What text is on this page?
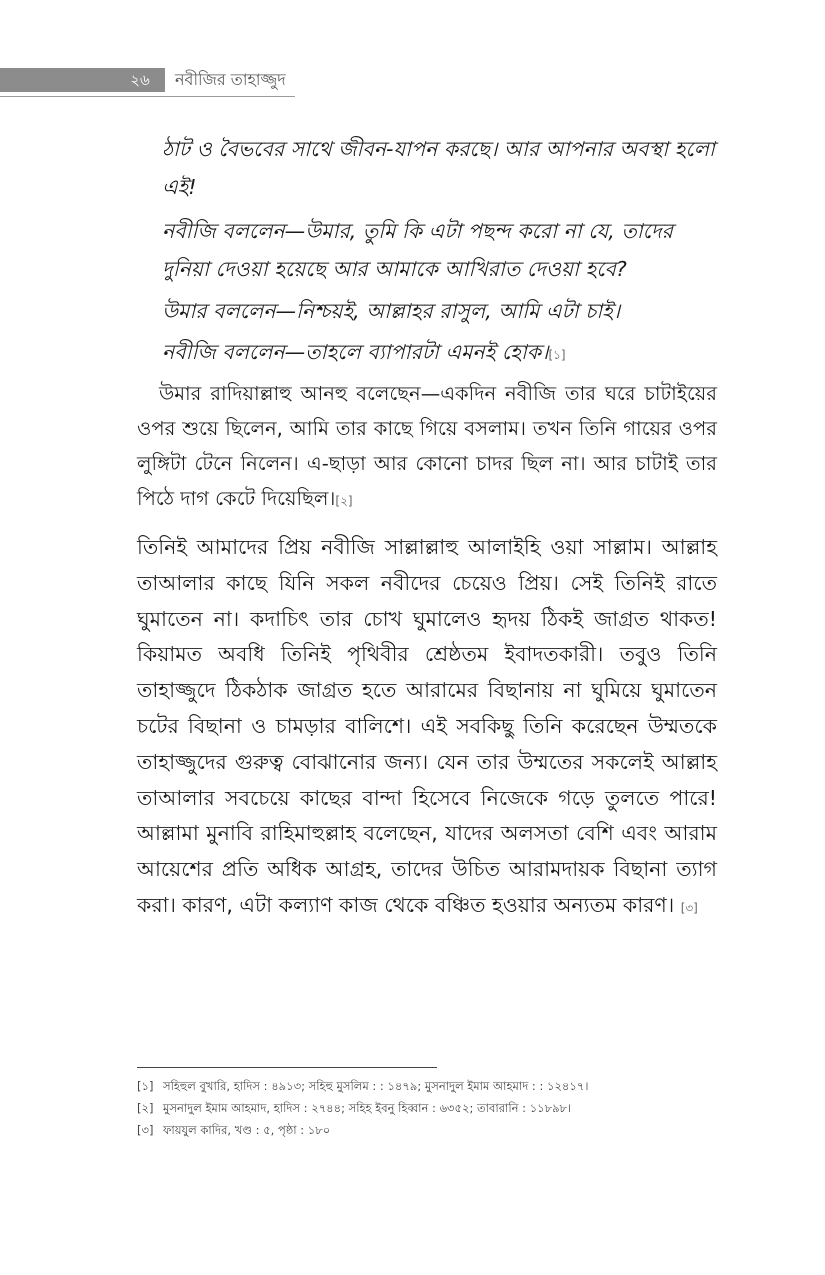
২৬	নবীজির তাহাজ্জুদ

ঠাট ও বৈভবের সাথে জীবন-যাপন করছে। আর আপনার অবস্থা হলো এই!

নবীজি বললেন—উমার, তুমি কি এটা পছন্দ করো না যে, তাদের দুনিয়া দেওয়া হয়েছে আর আমাকে আখিরাত দেওয়া হবে?

উমার বললেন—নিশ্চয়ই, আল্লাহর রাসুল, আমি এটা চাই।

নবীজি বললেন—তাহলে ব্যাপারটা এমনই হোক।[১]

উমার রাদিয়াল্লাহু আনহু বলেছেন—একদিন নবীজি তার ঘরে চাটাইয়ের ওপর শুয়ে ছিলেন, আমি তার কাছে গিয়ে বসলাম। তখন তিনি গায়ের ওপর লুঙ্গিটা টেনে নিলেন। এ-ছাড়া আর কোনো চাদর ছিল না। আর চাটাই তার পিঠে দাগ কেটে দিয়েছিল।[২]

তিনিই আমাদের প্রিয় নবীজি সাল্লাল্লাহু আলাইহি ওয়া সাল্লাম। আল্লাহ তাআলার কাছে যিনি সকল নবীদের চেয়েও প্রিয়। সেই তিনিই রাতে ঘুমাতেন না। কদাচিৎ তার চোখ ঘুমালেও হৃদয় ঠিকই জাগ্রত থাকত! কিয়ামত অবধি তিনিই পৃথিবীর শ্রেষ্ঠতম ইবাদতকারী। তবুও তিনি তাহাজ্জুদে ঠিকঠাক জাগ্রত হতে আরামের বিছানায় না ঘুমিয়ে ঘুমাতেন চটের বিছানা ও চামড়ার বালিশে। এই সবকিছু তিনি করেছেন উম্মতকে তাহাজ্জুদের গুরুত্ব বোঝানোর জন্য। যেন তার উম্মতের সকলেই আল্লাহ তাআলার সবচেয়ে কাছের বান্দা হিসেবে নিজেকে গড়ে তুলতে পারে! আল্লামা মুনাবি রাহিমাহুল্লাহ বলেছেন, যাদের অলসতা বেশি এবং আরাম আয়েশের প্রতি অধিক আগ্রহ, তাদের উচিত আরামদায়ক বিছানা ত্যাগ করা। কারণ, এটা কল্যাণ কাজ থেকে বঞ্চিত হওয়ার অন্যতম কারণ। [৩]

[১] সহিহুল বুখারি, হাদিস : ৪৯১৩; সহিহু মুসলিম : : ১৪৭৯; মুসনাদুল ইমাম আহমাদ : : ১২৪১৭।
[২] মুসনাদুল ইমাম আহমাদ, হাদিস : ২৭৪৪; সহিহ ইবনু হিব্বান : ৬৩৫২; তাবারানি : ১১৮৯৮।
[৩] ফায়যুল কাদির, খণ্ড : ৫, পৃষ্ঠা : ১৮০
